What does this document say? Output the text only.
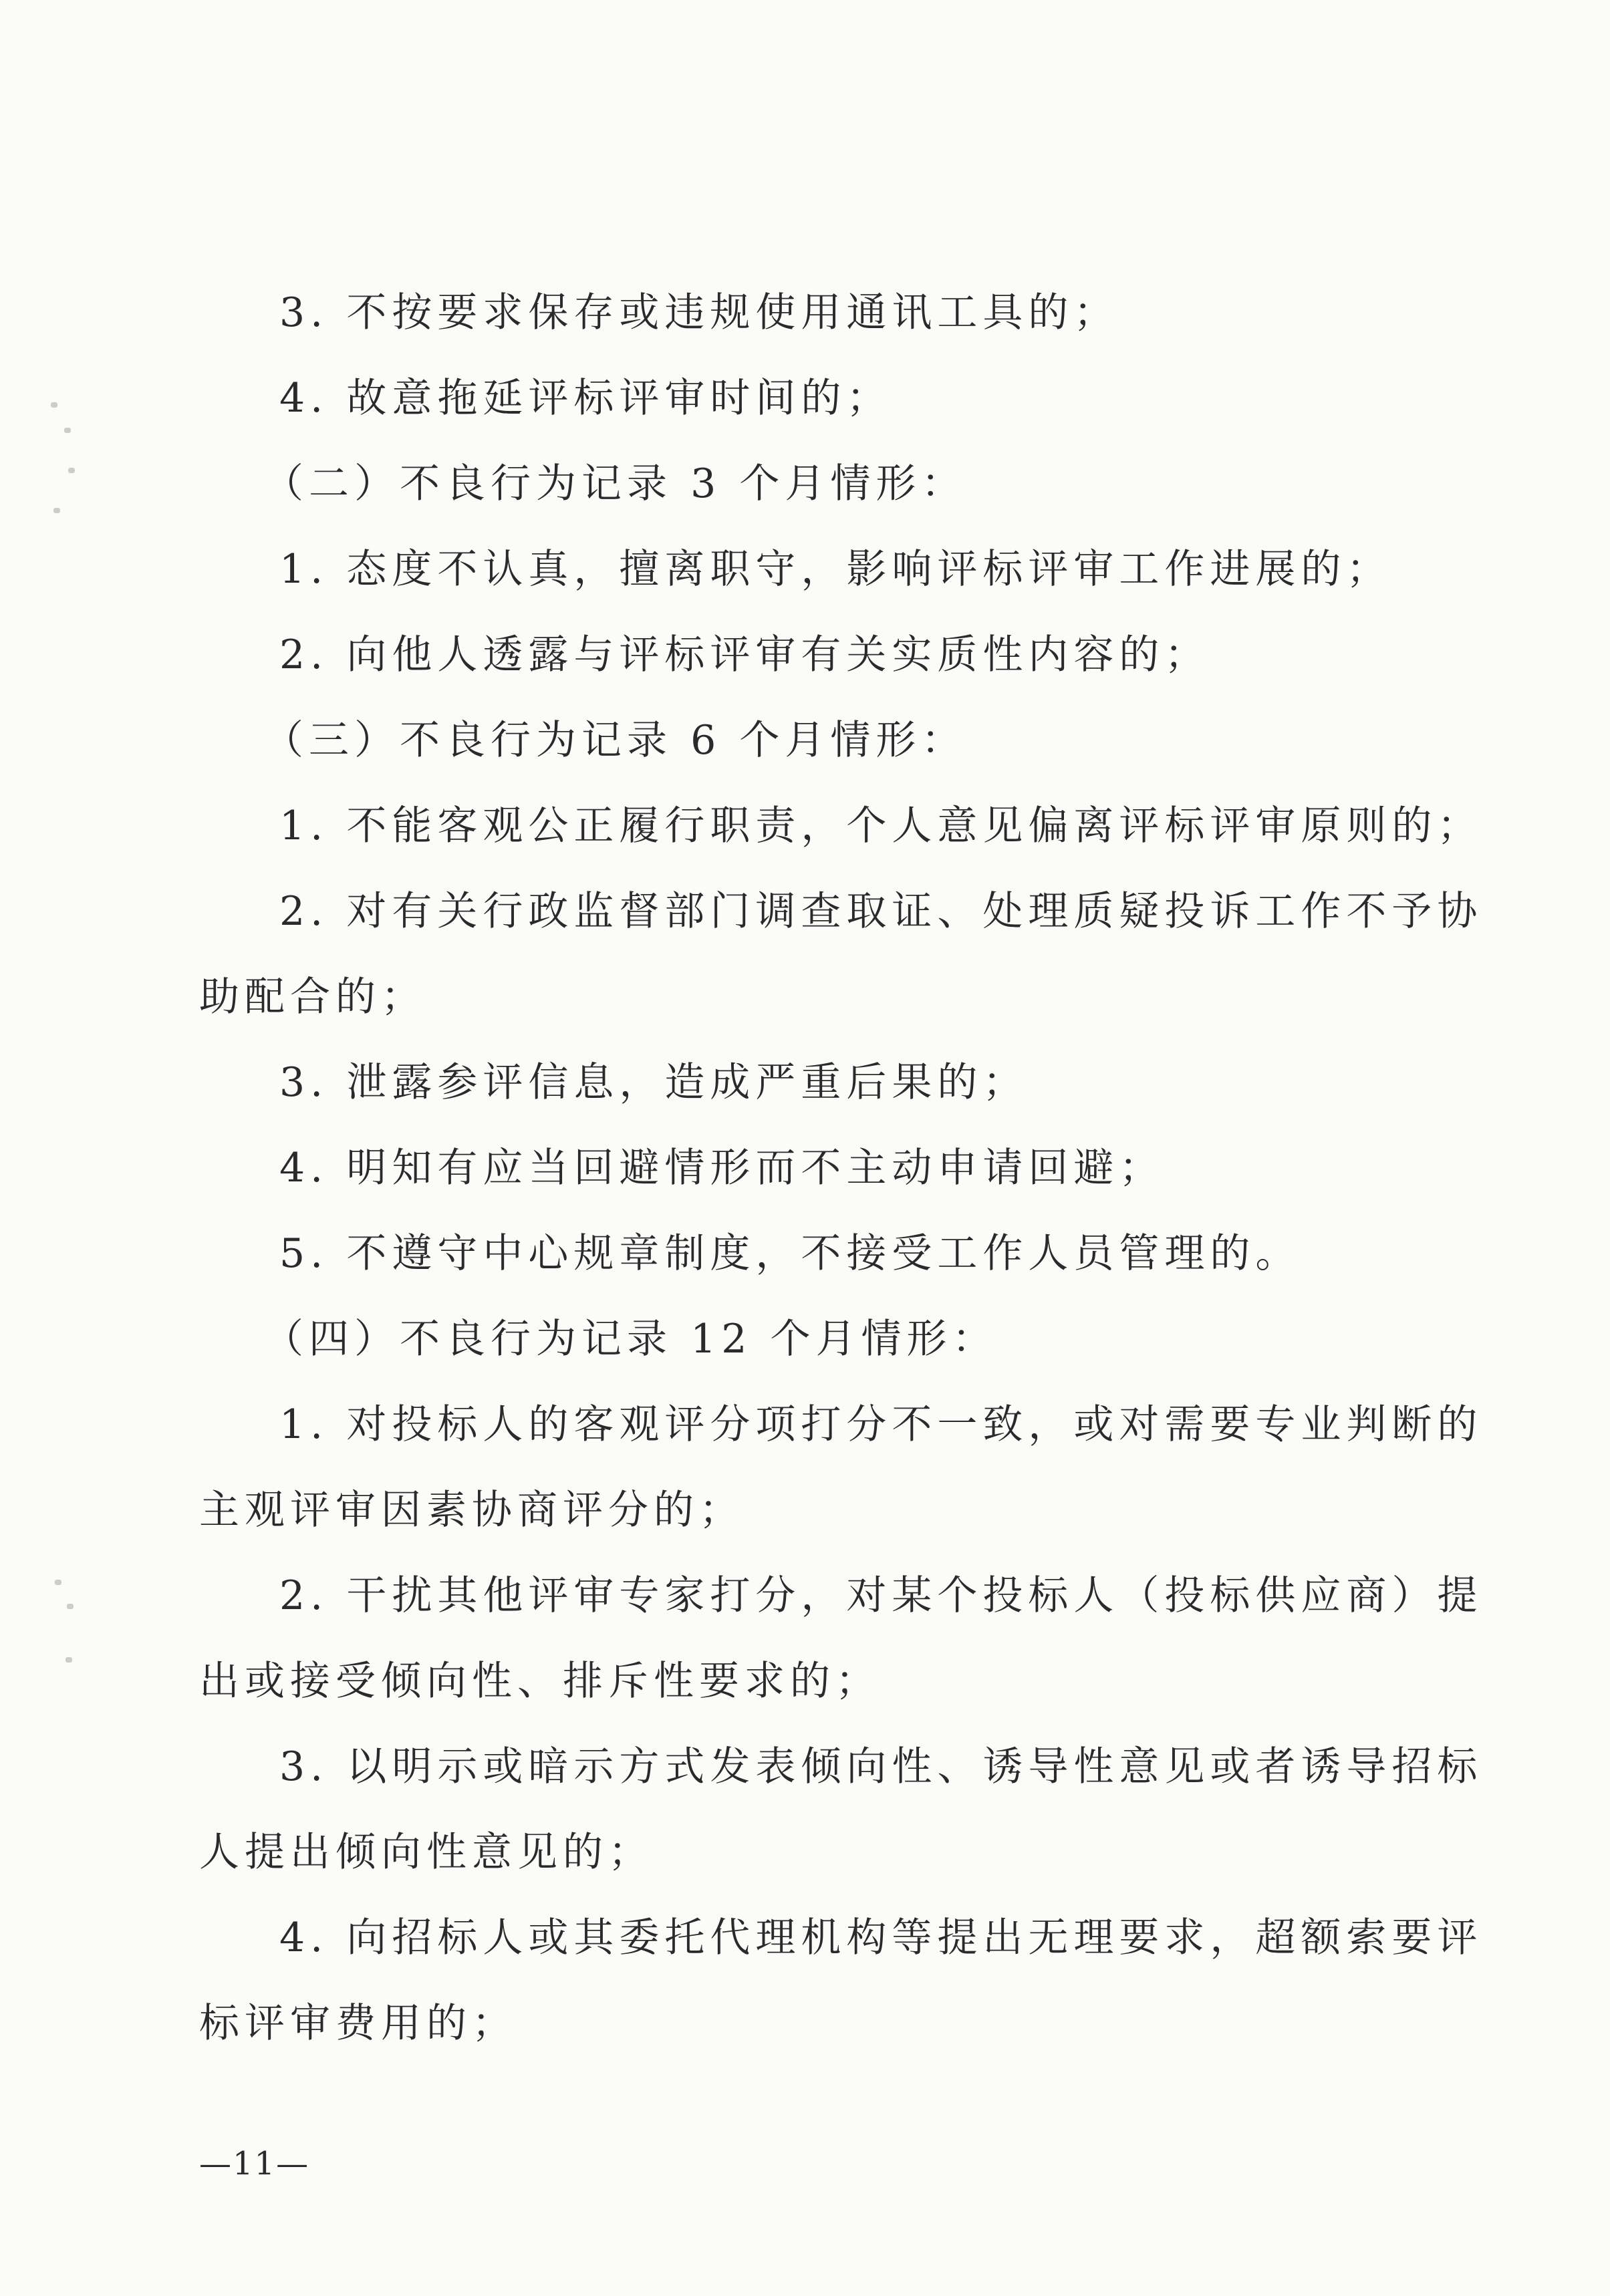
3. 不按要求保存或违规使用通讯工具的；
4. 故意拖延评标评审时间的；
（二）不良行为记录 3 个月情形：
1. 态度不认真，擅离职守，影响评标评审工作进展的；
2. 向他人透露与评标评审有关实质性内容的；
（三）不良行为记录 6 个月情形：
1. 不能客观公正履行职责，个人意见偏离评标评审原则的；
2. 对有关行政监督部门调查取证、处理质疑投诉工作不予协
助配合的；
3. 泄露参评信息，造成严重后果的；
4. 明知有应当回避情形而不主动申请回避；
5. 不遵守中心规章制度，不接受工作人员管理的。
（四）不良行为记录 12 个月情形：
1. 对投标人的客观评分项打分不一致，或对需要专业判断的
主观评审因素协商评分的；
2. 干扰其他评审专家打分，对某个投标人（投标供应商）提
出或接受倾向性、排斥性要求的；
3. 以明示或暗示方式发表倾向性、诱导性意见或者诱导招标
人提出倾向性意见的；
4. 向招标人或其委托代理机构等提出无理要求，超额索要评
标评审费用的；
—11—
